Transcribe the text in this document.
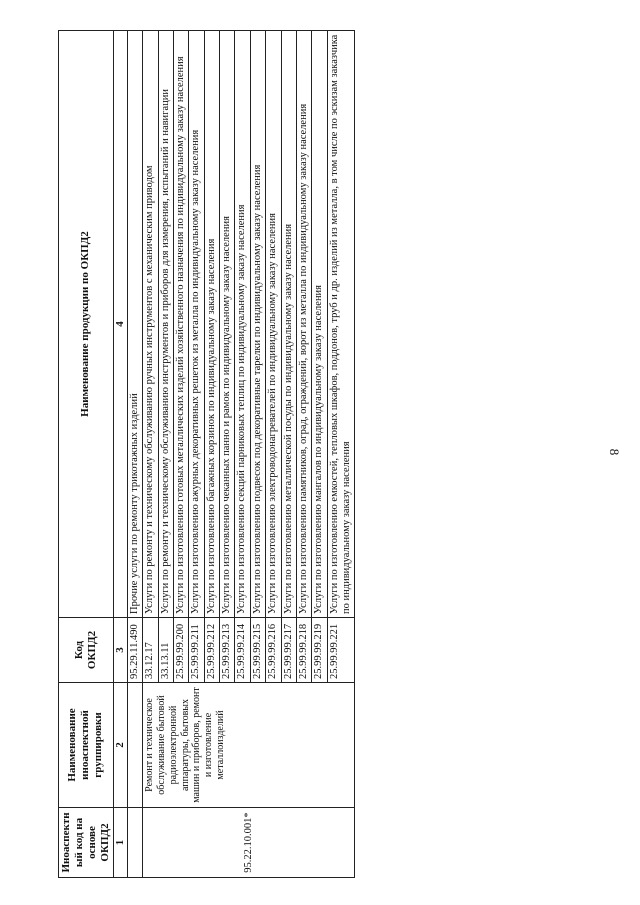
8
Иноаспектный код на основе ОКПД2	Наименование иноаспектной группировки	Код ОКПД2	Наименование продукции по ОКПД2
1	2	3	4
		95.29.11.490	Прочие услуги по ремонту трикотажных изделий
95.22.10.001*	Ремонт и техническое обслуживание бытовой радиоэлектронной аппаратуры, бытовых машин и приборов, ремонт и изготовление металлоизделий	33.12.17	Услуги по ремонту и техническому обслуживанию ручных инструментов с механическим приводом
		33.13.11	Услуги по ремонту и техническому обслуживанию инструментов и приборов для измерения, испытаний и навигации
		25.99.99.200	Услуги по изготовлению готовых металлических изделий хозяйственного назначения по индивидуальному заказу населения
		25.99.99.211	Услуги по изготовлению ажурных декоративных решеток из металла по индивидуальному заказу населения
		25.99.99.212	Услуги по изготовлению багажных корзинок по индивидуальному заказу населения
		25.99.99.213	Услуги по изготовлению чеканных панно и рамок по индивидуальному заказу населения
		25.99.99.214	Услуги по изготовлению секций парниковых теплиц по индивидуальному заказу населения
		25.99.99.215	Услуги по изготовлению подвесок под декоративные тарелки по индивидуальному заказу населения
		25.99.99.216	Услуги по изготовлению электроводонагревателей по индивидуальному заказу населения
		25.99.99.217	Услуги по изготовлению металлической посуды по индивидуальному заказу населения
		25.99.99.218	Услуги по изготовлению памятников, оград, ограждений, ворот из металла по индивидуальному заказу населения
		25.99.99.219	Услуги по изготовлению мангалов по индивидуальному заказу населения
		25.99.99.221	Услуги по изготовлению емкостей, тепловых шкафов, поддонов, труб и др. изделий из металла, в том числе по эскизам заказчика по индивидуальному заказу населения
